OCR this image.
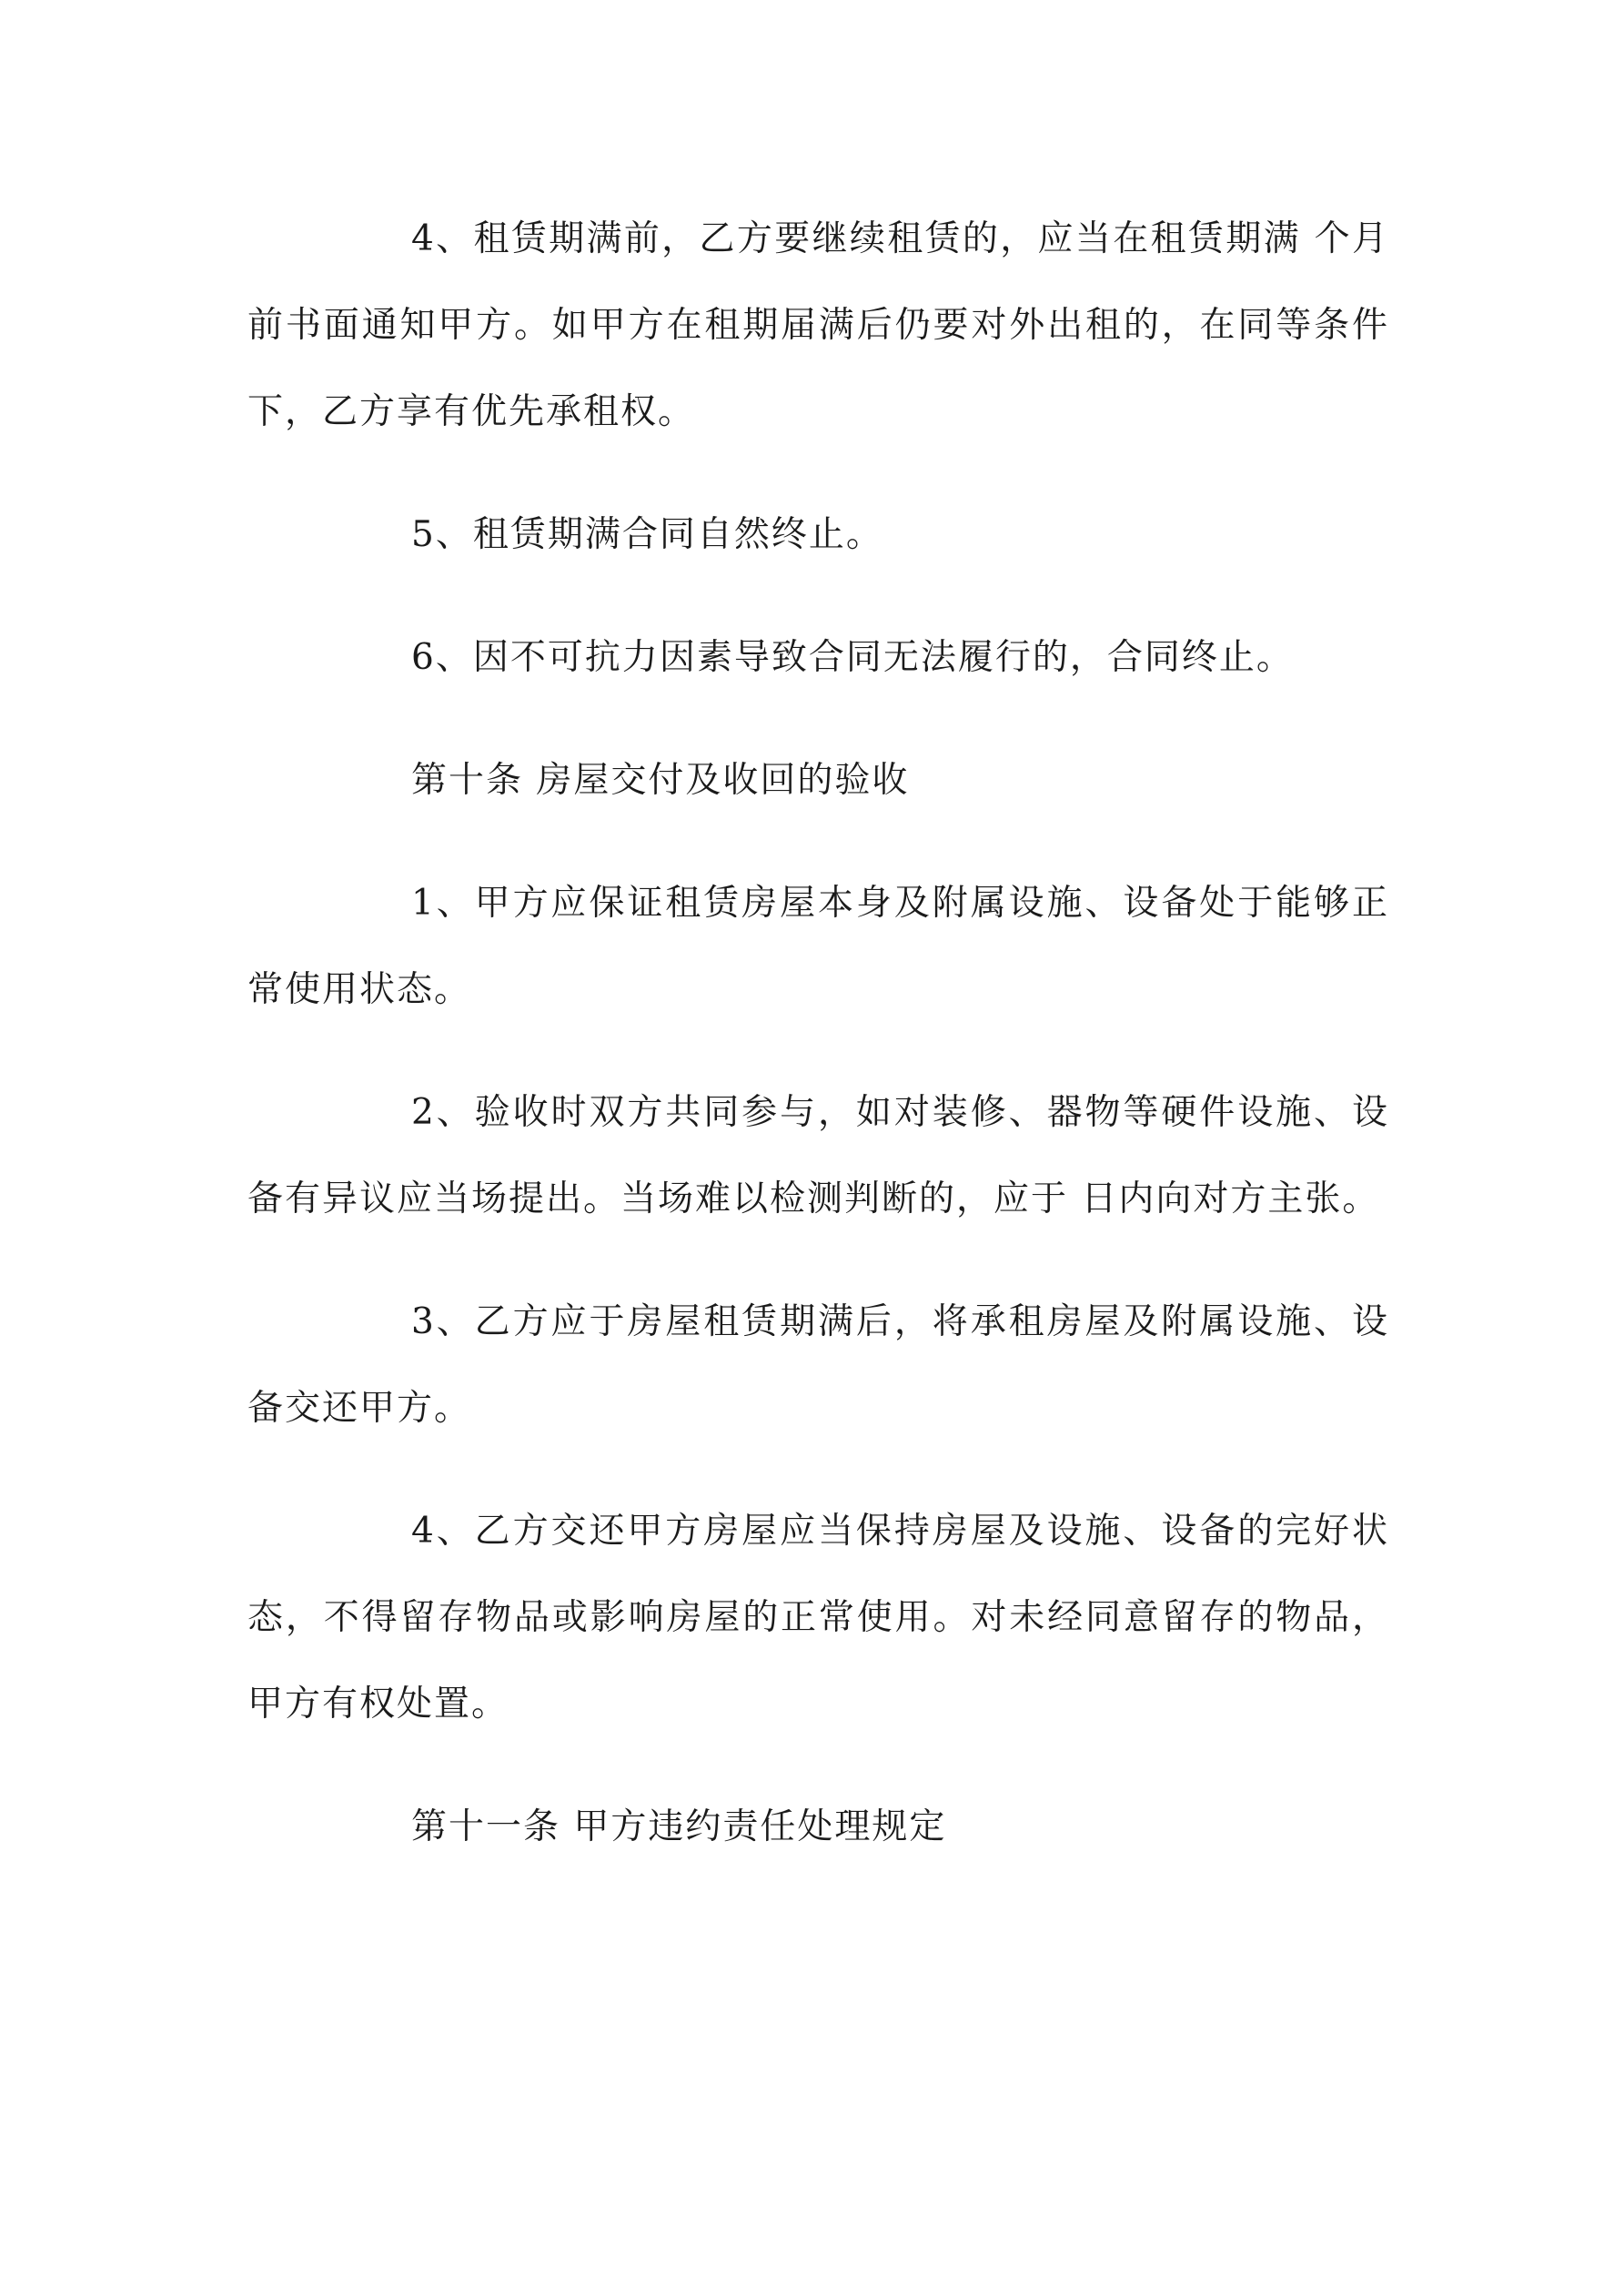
4、租赁期满前，乙方要继续租赁的，应当在租赁期满 个月前书面通知甲方。如甲方在租期届满后仍要对外出租的，在同等条件下，乙方享有优先承租权。

5、租赁期满合同自然终止。

6、因不可抗力因素导致合同无法履行的，合同终止。

第十条 房屋交付及收回的验收

1、甲方应保证租赁房屋本身及附属设施、设备处于能够正常使用状态。

2、验收时双方共同参与，如对装修、器物等硬件设施、设备有异议应当场提出。当场难以检测判断的，应于 日内向对方主张。

3、乙方应于房屋租赁期满后，将承租房屋及附属设施、设备交还甲方。

4、乙方交还甲方房屋应当保持房屋及设施、设备的完好状态，不得留存物品或影响房屋的正常使用。对未经同意留存的物品，甲方有权处置。

第十一条 甲方违约责任处理规定
